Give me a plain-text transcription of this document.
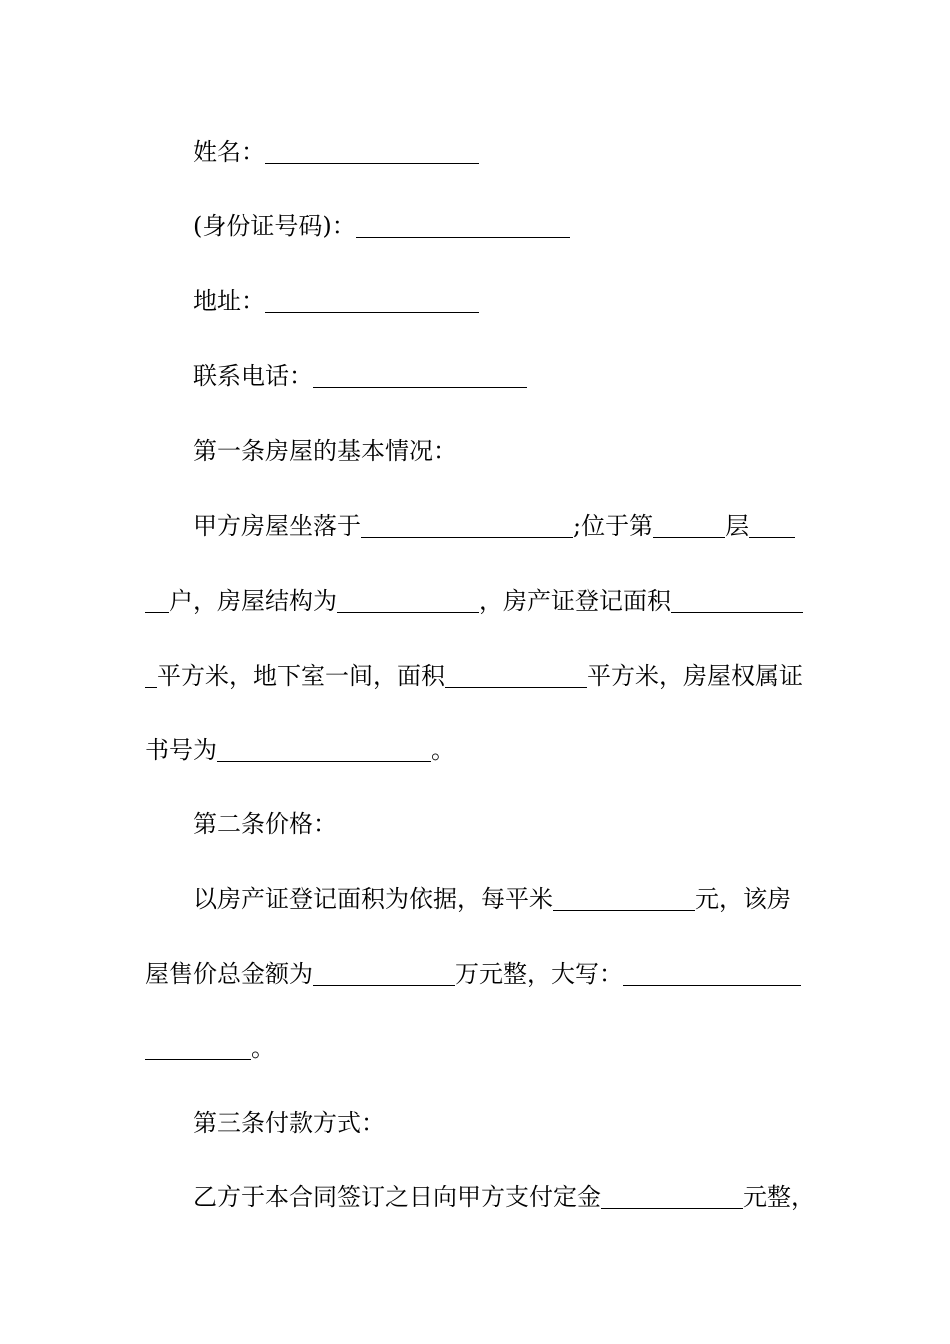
姓名：
(身份证号码)：
地址：
联系电话：
第一条房屋的基本情况：
甲方房屋坐落于	;位于第	层
户，房屋结构为	，房产证登记面积
平方米，地下室一间，面积	平方米，房屋权属证
书号为	。
第二条价格：
以房产证登记面积为依据，每平米	元，该房
屋售价总金额为	万元整，大写：
。
第三条付款方式：
乙方于本合同签订之日向甲方支付定金	元整，
